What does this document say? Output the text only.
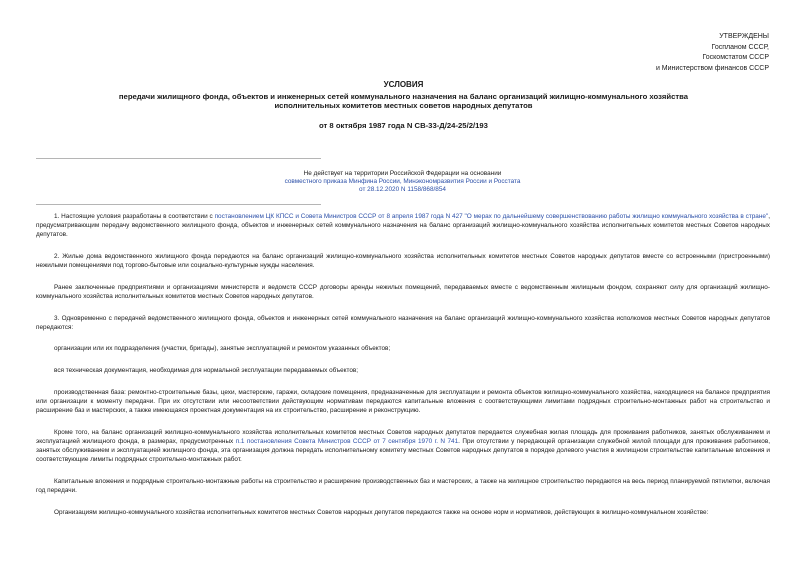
УТВЕРЖДЕНЫ
Госпланом СССР,
Госкомстатом СССР
и Министерством финансов СССР
УСЛОВИЯ
передачи жилищного фонда, объектов и инженерных сетей коммунального назначения на баланс организаций жилищно-коммунального хозяйства
исполнительных комитетов местных советов народных депутатов
от 8 октября 1987 года N СВ-33-Д/24-25/2/193
Не действует на территории Российской Федерации на основании
совместного приказа Минфина России, Минэкономразвития России и Росстата
от 28.12.2020 N 1158/868/854

1. Настоящие условия разработаны в соответствии с постановлением ЦК КПСС и Совета Министров СССР от 8 апреля 1987 года N 427 "О мерах по дальнейшему совершенствованию работы жилищно коммунального хозяйства в стране", предусматривающим передачу ведомственного жилищного фонда, объектов и инженерных сетей коммунального назначения на баланс организаций жилищно-коммунального хозяйства исполнительных комитетов местных Советов народных депутатов.

2. Жилые дома ведомственного жилищного фонда передаются на баланс организаций жилищно-коммунального хозяйства исполнительных комитетов местных Советов народных депутатов вместе со встроенными (пристроенными) нежилыми помещениями под торгово-бытовые или социально-культурные нужды населения.

Ранее заключенные предприятиями и организациями министерств и ведомств СССР договоры аренды нежилых помещений, передаваемых вместе с ведомственным жилищным фондом, сохраняют силу для организаций жилищно-коммунального хозяйства исполнительных комитетов местных Советов народных депутатов.

3. Одновременно с передачей ведомственного жилищного фонда, объектов и инженерных сетей коммунального назначения на баланс организаций жилищно-коммунального хозяйства исполкомов местных Советов народных депутатов передаются:

организации или их подразделения (участки, бригады), занятые эксплуатацией и ремонтом указанных объектов;

вся техническая документация, необходимая для нормальной эксплуатации передаваемых объектов;

производственная база: ремонтно-строительные базы, цехи, мастерские, гаражи, складские помещения, предназначенные для эксплуатации и ремонта объектов жилищно-коммунального хозяйства, находящиеся на балансе предприятия или организации к моменту передачи. При их отсутствии или несоответствии действующим нормативам передаются капитальные вложения с соответствующими лимитами подрядных строительно-монтажных работ на строительство и расширение баз и мастерских, а также имеющаяся проектная документация на их строительство, расширение и реконструкцию.

Кроме того, на баланс организаций жилищно-коммунального хозяйства исполнительных комитетов местных Советов народных депутатов передается служебная жилая площадь для проживания работников, занятых обслуживанием и эксплуатацией жилищного фонда, в размерах, предусмотренных п.1 постановления Совета Министров СССР от 7 сентября 1970 г. N 741. При отсутствии у передающей организации служебной жилой площади для проживания работников, занятых обслуживанием и эксплуатацией жилищного фонда, эта организация должна передать исполнительному комитету местных Советов народных депутатов в порядке долевого участия в жилищном строительстве капитальные вложения и соответствующие лимиты подрядных строительно-монтажных работ.

Капитальные вложения и подрядные строительно-монтажные работы на строительство и расширение производственных баз и мастерских, а также на жилищное строительство передаются на весь период планируемой пятилетки, включая год передачи.

Организациям жилищно-коммунального хозяйства исполнительных комитетов местных Советов народных депутатов передаются также на основе норм и нормативов, действующих в жилищно-коммунальном хозяйстве:
